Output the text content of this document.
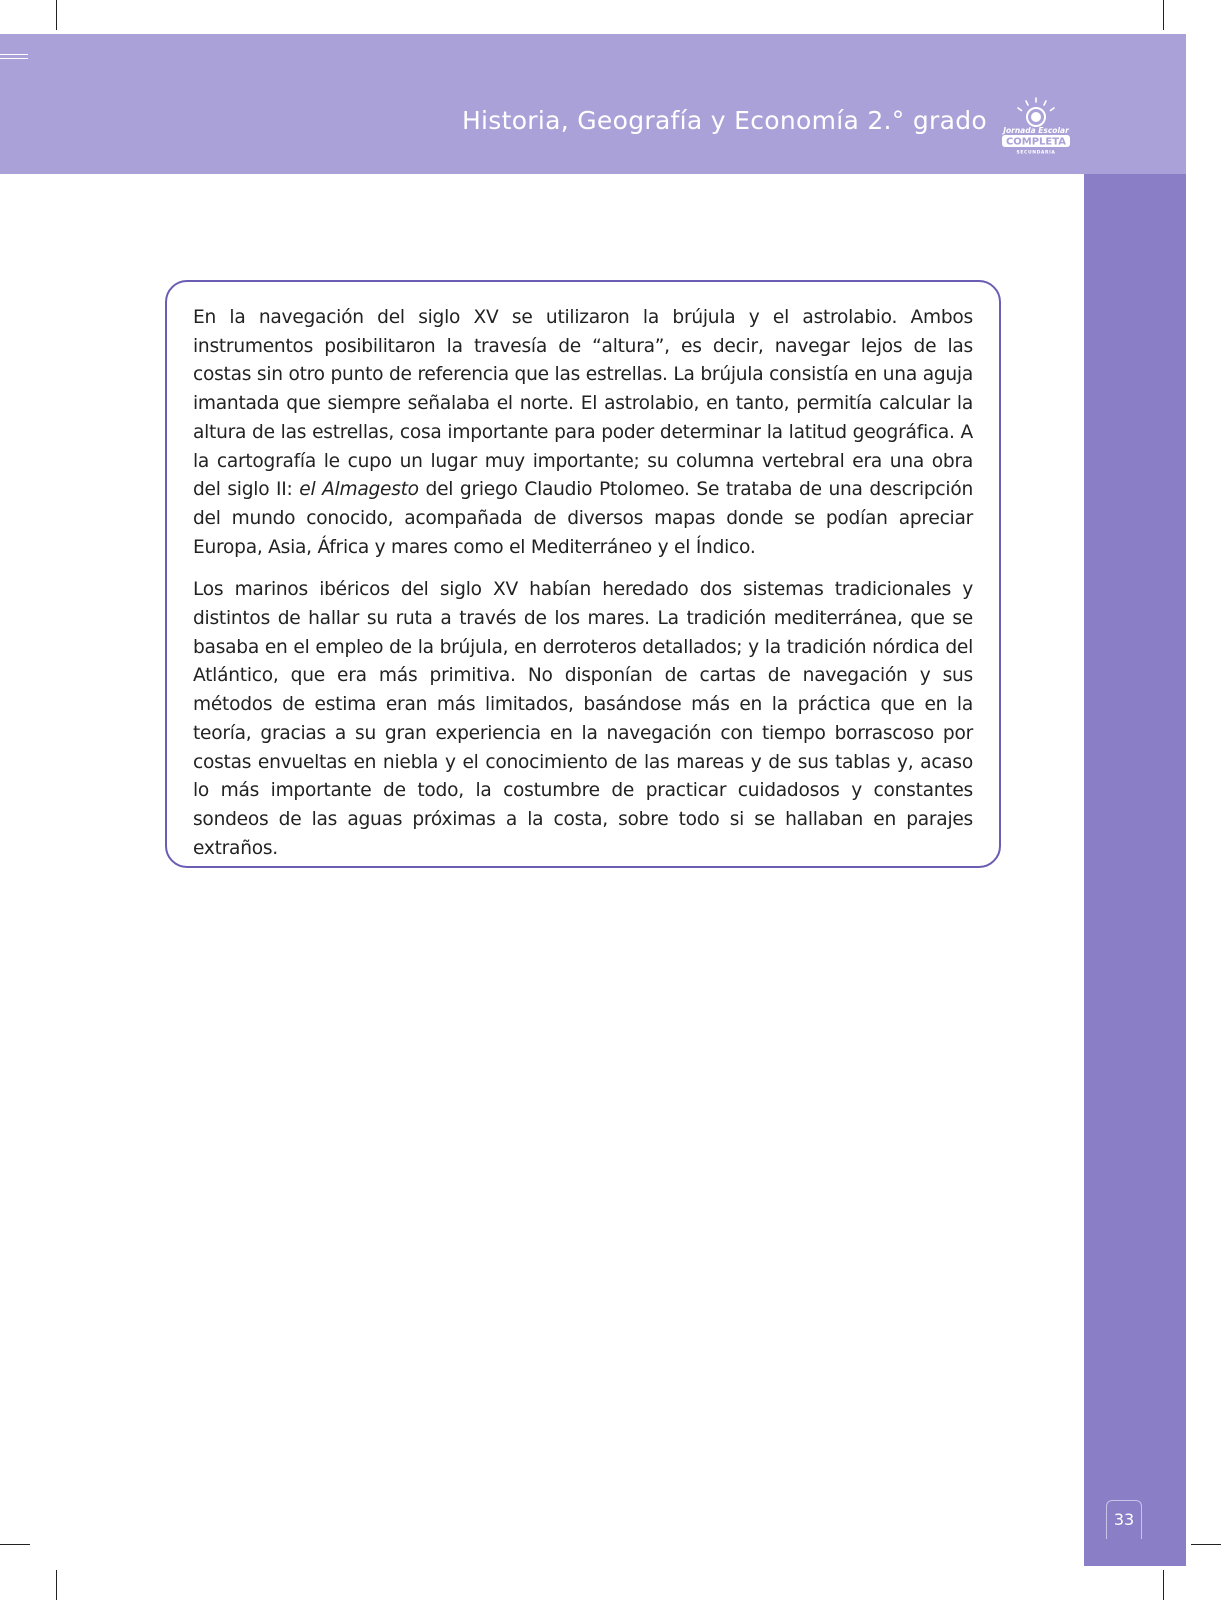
Historia, Geografía y Economía 2.° grado Jornada Escolar
COMPLETA
SECUNDARIA
33

En la navegación del siglo XV se utilizaron la brújula y el astrolabio. Ambos instrumentos posibilitaron la travesía de “altura”, es decir, navegar lejos de las costas sin otro punto de referencia que las estrellas. La brújula consistía en una aguja imantada que siempre señalaba el norte. El astrolabio, en tanto, permitía calcular la altura de las estrellas, cosa importante para poder determinar la latitud geográfica. A la cartografía le cupo un lugar muy importante; su columna vertebral era una obra del siglo II: el Almagesto del griego Claudio Ptolomeo. Se trataba de una descripción del mundo conocido, acompañada de diversos mapas donde se podían apreciar Europa, Asia, África y mares como el Mediterráneo y el Índico.

Los marinos ibéricos del siglo XV habían heredado dos sistemas tradicionales y distintos de hallar su ruta a través de los mares. La tradición mediterránea, que se basaba en el empleo de la brújula, en derroteros detallados; y la tradición nórdica del Atlántico, que era más primitiva. No disponían de cartas de navegación y sus métodos de estima eran más limitados, basándose más en la práctica que en la teoría, gracias a su gran experiencia en la navegación con tiempo borrascoso por costas envueltas en niebla y el conocimiento de las mareas y de sus tablas y, acaso lo más importante de todo, la costumbre de practicar cuidadosos y constantes sondeos de las aguas próximas a la costa, sobre todo si se hallaban en parajes extraños.
